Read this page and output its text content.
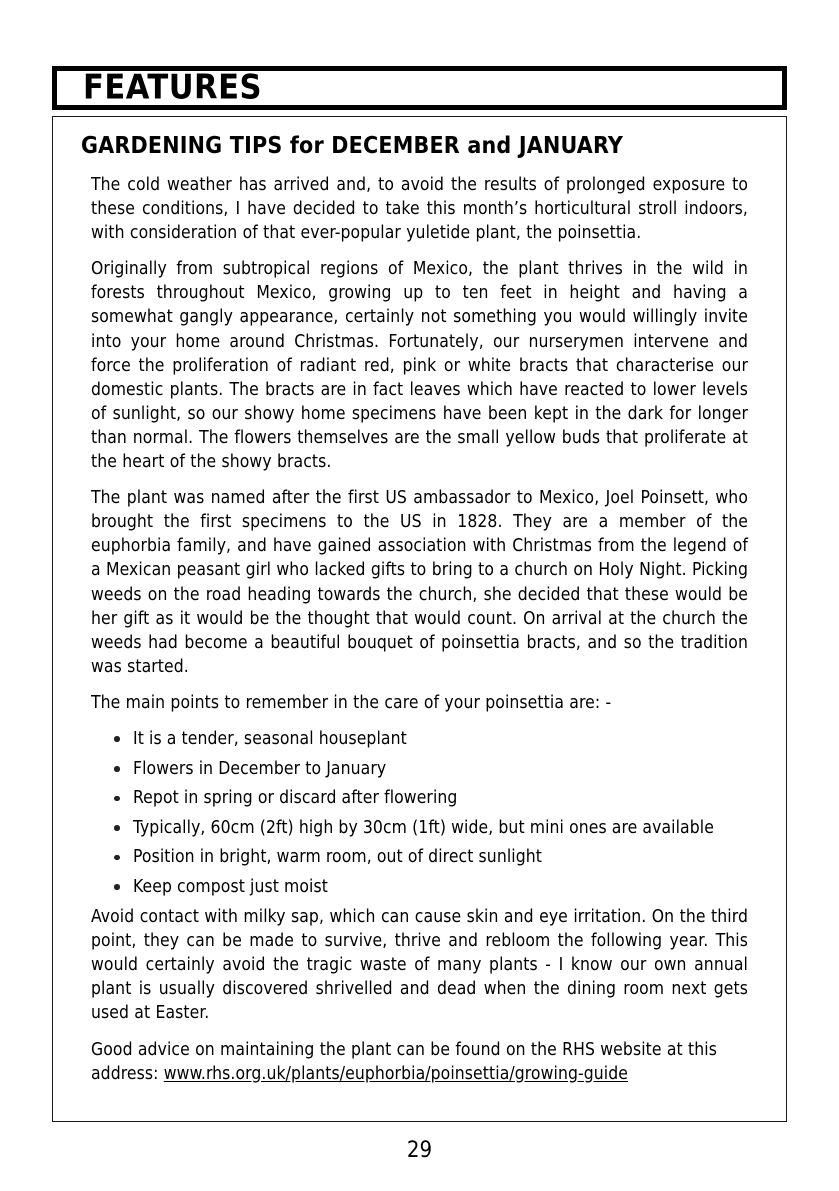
FEATURES
GARDENING TIPS for DECEMBER and JANUARY

The cold weather has arrived and, to avoid the results of prolonged exposure to these conditions, I have decided to take this month’s horticultural stroll indoors, with consideration of that ever-popular yuletide plant, the poinsettia.

Originally from subtropical regions of Mexico, the plant thrives in the wild in forests throughout Mexico, growing up to ten feet in height and having a somewhat gangly appearance, certainly not something you would willingly invite into your home around Christmas. Fortunately, our nurserymen intervene and force the proliferation of radiant red, pink or white bracts that characterise our domestic plants. The bracts are in fact leaves which have reacted to lower levels of sunlight, so our showy home specimens have been kept in the dark for longer than normal. The flowers themselves are the small yellow buds that proliferate at the heart of the showy bracts.

The plant was named after the first US ambassador to Mexico, Joel Poinsett, who brought the first specimens to the US in 1828. They are a member of the euphorbia family, and have gained association with Christmas from the legend of a Mexican peasant girl who lacked gifts to bring to a church on Holy Night. Picking weeds on the road heading towards the church, she decided that these would be her gift as it would be the thought that would count. On arrival at the church the weeds had become a beautiful bouquet of poinsettia bracts, and so the tradition was started.

The main points to remember in the care of your poinsettia are: -

It is a tender, seasonal houseplant
Flowers in December to January
Repot in spring or discard after flowering
Typically, 60cm (2ft) high by 30cm (1ft) wide, but mini ones are available
Position in bright, warm room, out of direct sunlight
Keep compost just moist

Avoid contact with milky sap, which can cause skin and eye irritation. On the third point, they can be made to survive, thrive and rebloom the following year. This would certainly avoid the tragic waste of many plants - I know our own annual plant is usually discovered shrivelled and dead when the dining room next gets used at Easter.

Good advice on maintaining the plant can be found on the RHS website at this address: www.rhs.org.uk/plants/euphorbia/poinsettia/growing-guide

29
